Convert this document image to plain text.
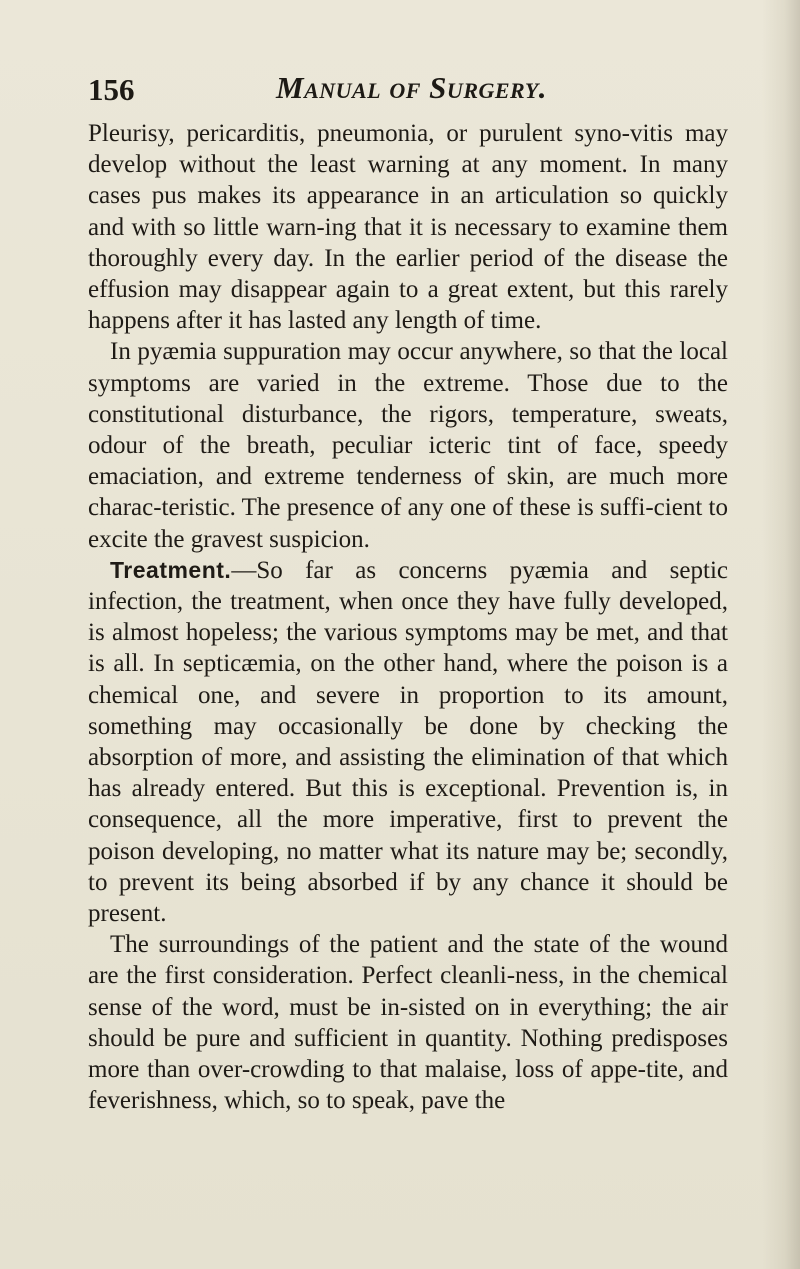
156	Manual of Surgery.

Pleurisy, pericarditis, pneumonia, or purulent syno-vitis may develop without the least warning at any moment. In many cases pus makes its appearance in an articulation so quickly and with so little warn-ing that it is necessary to examine them thoroughly every day. In the earlier period of the disease the effusion may disappear again to a great extent, but this rarely happens after it has lasted any length of time.

In pyæmia suppuration may occur anywhere, so that the local symptoms are varied in the extreme. Those due to the constitutional disturbance, the rigors, temperature, sweats, odour of the breath, peculiar icteric tint of face, speedy emaciation, and extreme tenderness of skin, are much more charac-teristic. The presence of any one of these is suffi-cient to excite the gravest suspicion.

Treatment.—So far as concerns pyæmia and septic infection, the treatment, when once they have fully developed, is almost hopeless; the various symptoms may be met, and that is all. In septicæmia, on the other hand, where the poison is a chemical one, and severe in proportion to its amount, something may occasionally be done by checking the absorption of more, and assisting the elimination of that which has already entered. But this is exceptional. Prevention is, in consequence, all the more imperative, first to prevent the poison developing, no matter what its nature may be; secondly, to prevent its being absorbed if by any chance it should be present.

The surroundings of the patient and the state of the wound are the first consideration. Perfect cleanli-ness, in the chemical sense of the word, must be in-sisted on in everything; the air should be pure and sufficient in quantity. Nothing predisposes more than over-crowding to that malaise, loss of appe-tite, and feverishness, which, so to speak, pave the
